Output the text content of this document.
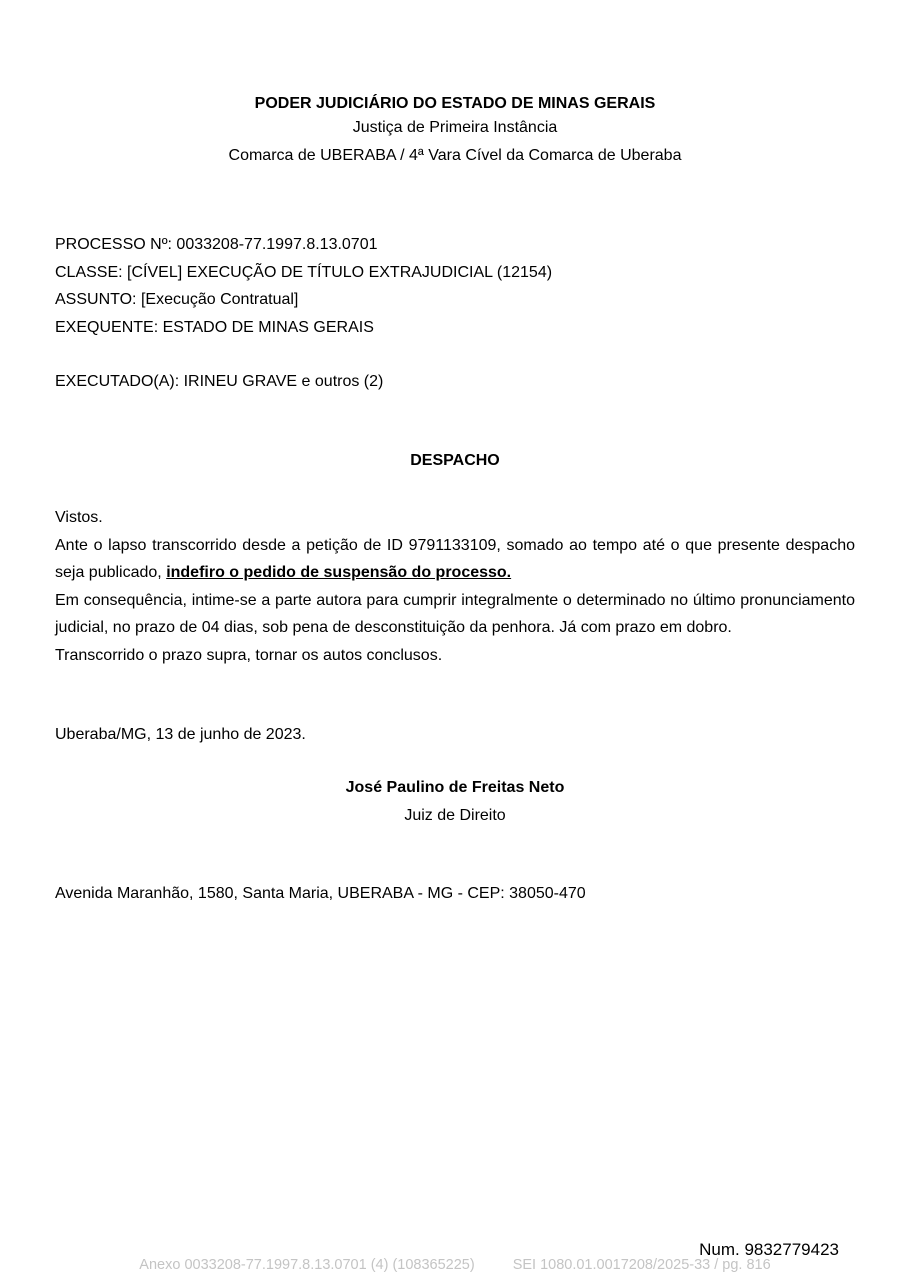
PODER JUDICIÁRIO DO ESTADO DE MINAS GERAIS
Justiça de Primeira Instância
Comarca de UBERABA / 4ª Vara Cível da Comarca de Uberaba
PROCESSO Nº: 0033208-77.1997.8.13.0701
CLASSE: [CÍVEL] EXECUÇÃO DE TÍTULO EXTRAJUDICIAL (12154)
ASSUNTO: [Execução Contratual]
EXEQUENTE: ESTADO DE MINAS GERAIS
EXECUTADO(A): IRINEU GRAVE e outros (2)
DESPACHO

Vistos.

Ante o lapso transcorrido desde a petição de ID 9791133109, somado ao tempo até o que presente despacho seja publicado, indefiro o pedido de suspensão do processo.

Em consequência, intime-se a parte autora para cumprir integralmente o determinado no último pronunciamento judicial, no prazo de 04 dias, sob pena de desconstituição da penhora. Já com prazo em dobro.

Transcorrido o prazo supra, tornar os autos conclusos.

Uberaba/MG, 13 de junho de 2023.
José Paulino de Freitas Neto
Juiz de Direito
Avenida Maranhão, 1580, Santa Maria, UBERABA - MG - CEP: 38050-470
Num. 9832779423
Anexo 0033208-77.1997.8.13.0701 (4) (108365225)	SEI 1080.01.0017208/2025-33 / pg. 816
